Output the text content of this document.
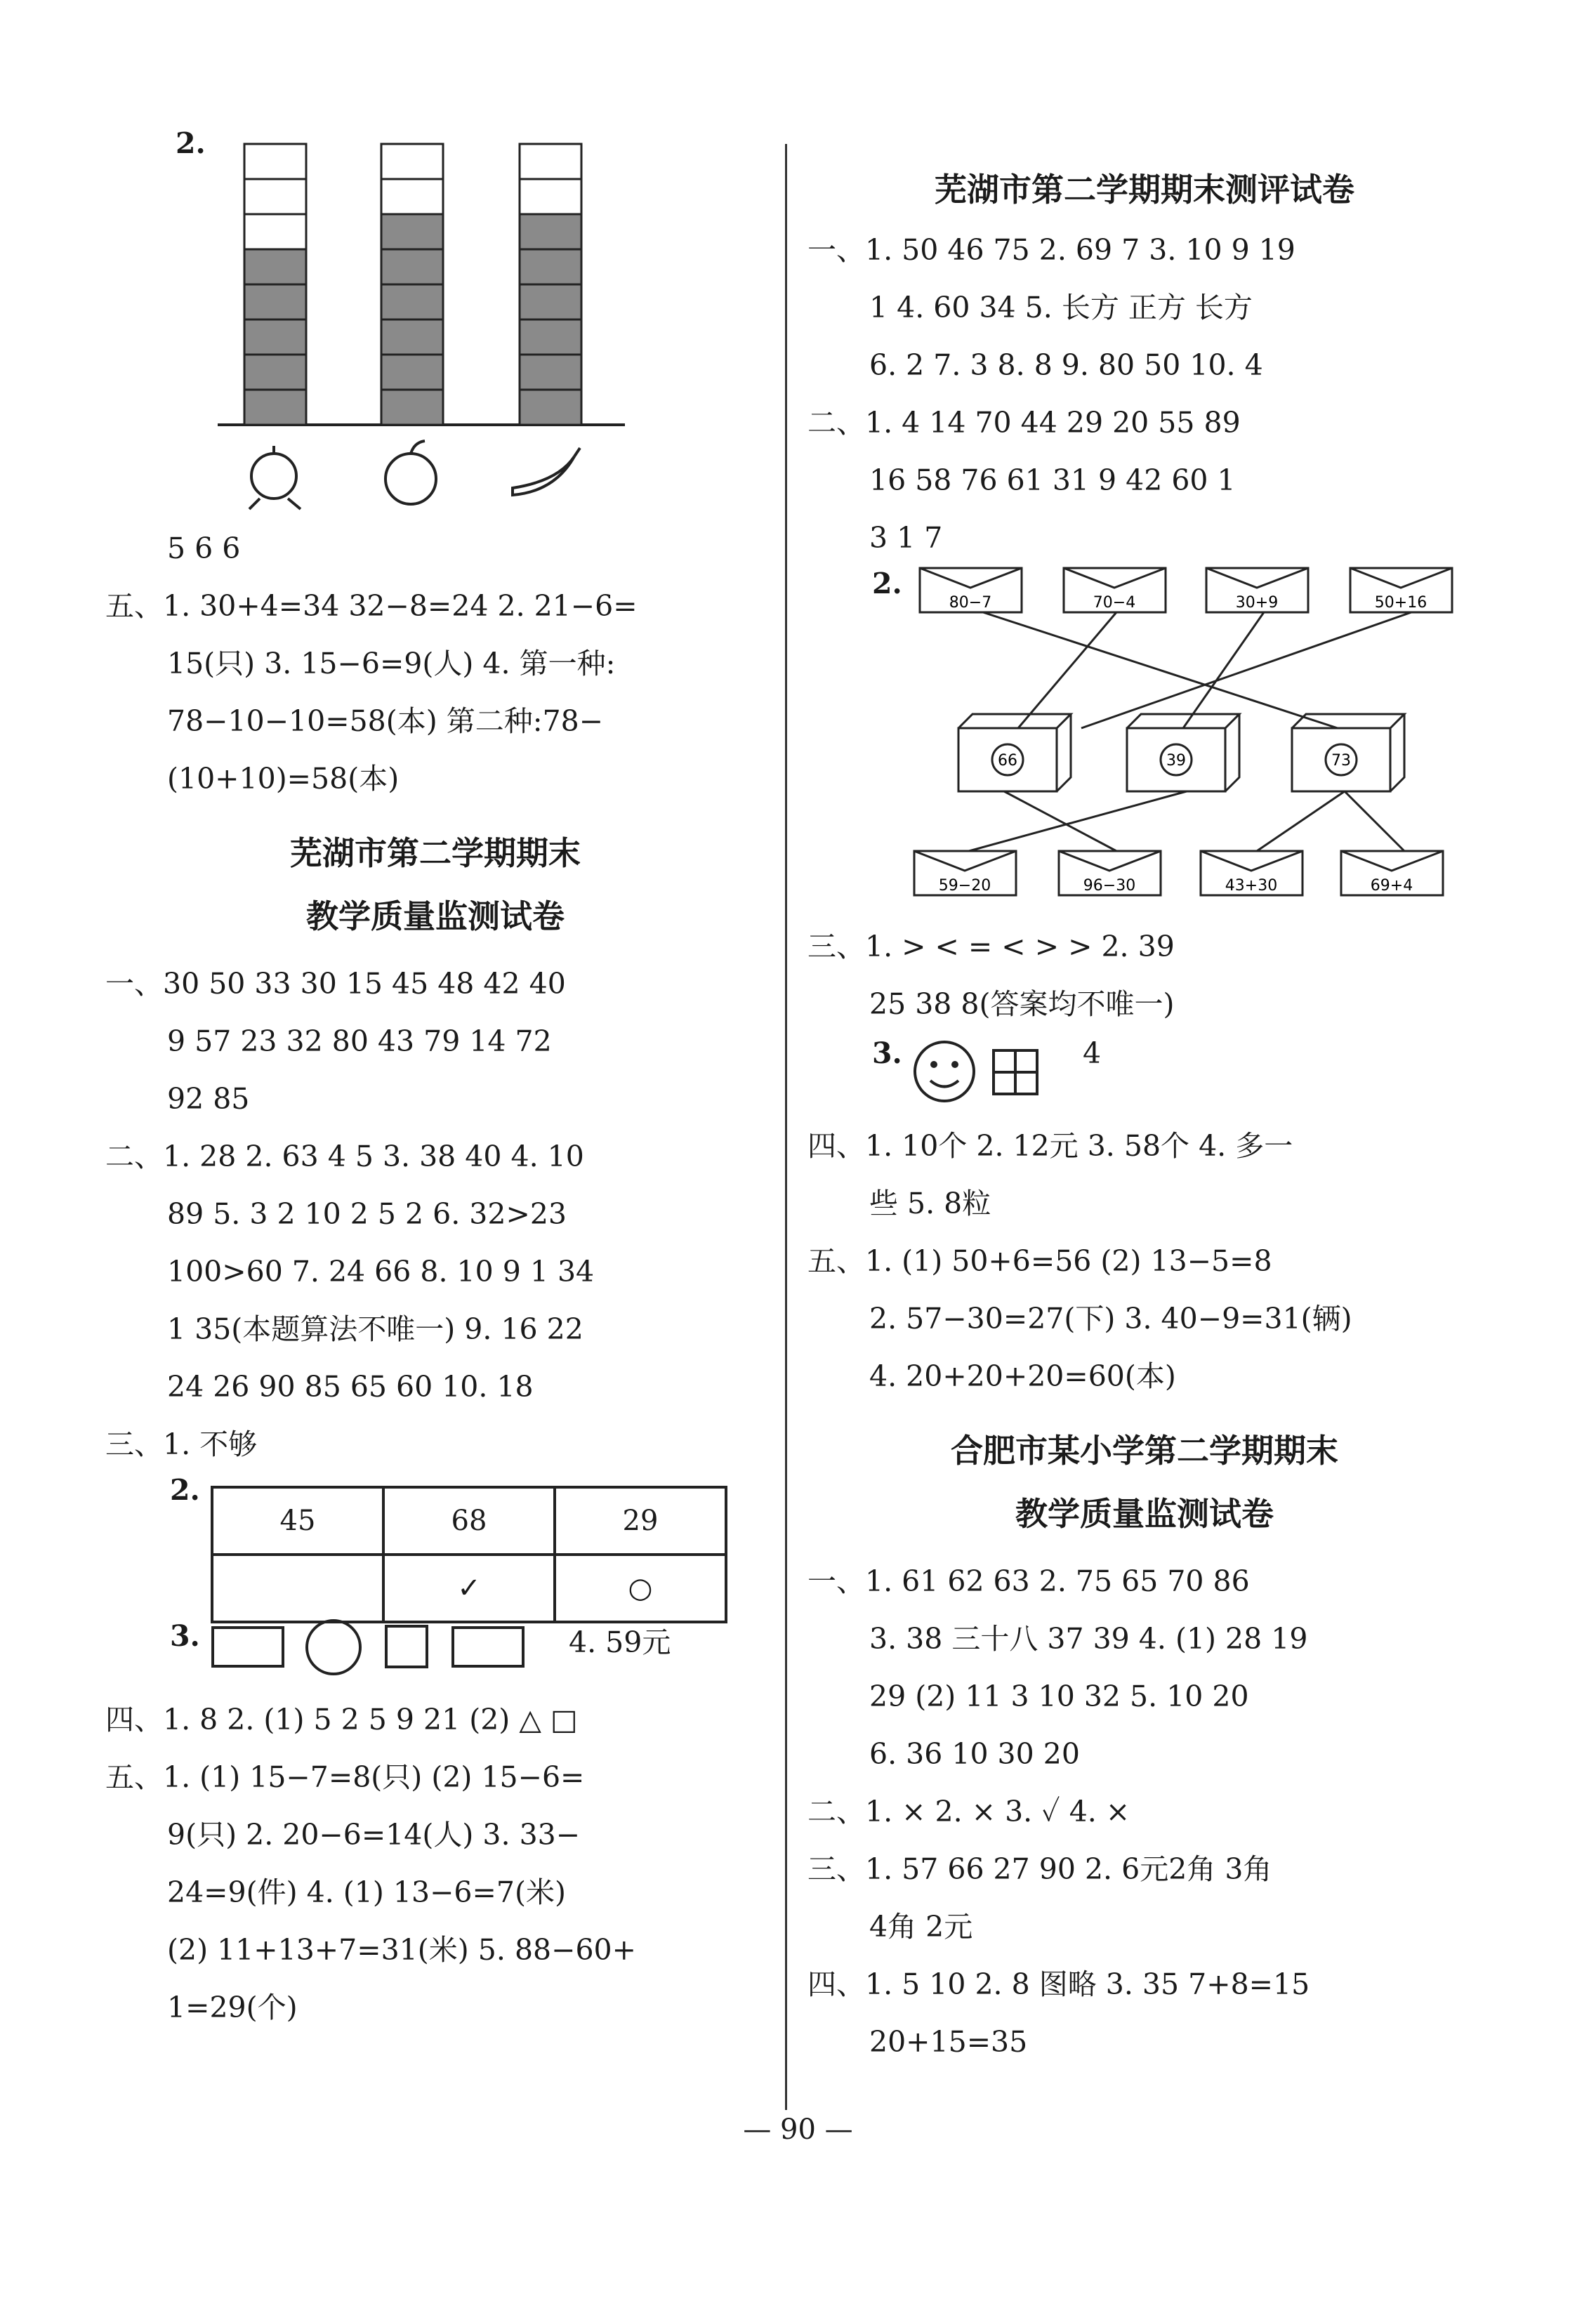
2.
5 6 6
五、1. 30+4=34 32−8=24 2. 21−6=
15(只) 3. 15−6=9(人) 4. 第一种:
78−10−10=58(本) 第二种:78−
(10+10)=58(本)
芜湖市第二学期期末
教学质量监测试卷
一、30 50 33 30 15 45 48 42 40
9 57 23 32 80 43 79 14 72
92 85
二、1. 28 2. 63 4 5 3. 38 40 4. 10
89 5. 3 2 10 2 5 2 6. 32>23
100>60 7. 24 66 8. 10 9 1 34
1 35(本题算法不唯一) 9. 16 22
24 26 90 85 65 60 10. 18
三、1. 不够
2.
45	68	29
	✓	○
3.	4. 59元
四、1. 8 2. (1) 5 2 5 9 21 (2) △ □
五、1. (1) 15−7=8(只) (2) 15−6=
9(只) 2. 20−6=14(人) 3. 33−
24=9(件) 4. (1) 13−6=7(米)
(2) 11+13+7=31(米) 5. 88−60+
1=29(个)
芜湖市第二学期期末测评试卷
一、1. 50 46 75 2. 69 7 3. 10 9 19
1 4. 60 34 5. 长方 正方 长方
6. 2 7. 3 8. 8 9. 80 50 10. 4
二、1. 4 14 70 44 29 20 55 89
16 58 76 61 31 9 42 60 1
3 1 7
2.
80−7	70−4	30+9	50+16
66	39	73
59−20	96−30	43+30	69+4
三、1. > < = < > > 2. 39
25 38 8(答案均不唯一)
3.	4
四、1. 10个 2. 12元 3. 58个 4. 多一
些 5. 8粒
五、1. (1) 50+6=56 (2) 13−5=8
2. 57−30=27(下) 3. 40−9=31(辆)
4. 20+20+20=60(本)
合肥市某小学第二学期期末
教学质量监测试卷
一、1. 61 62 63 2. 75 65 70 86
3. 38 三十八 37 39 4. (1) 28 19
29 (2) 11 3 10 32 5. 10 20
6. 36 10 30 20
二、1. × 2. × 3. ✓ 4. ×
三、1. 57 66 27 90 2. 6元2角 3角
4角 2元
四、1. 5 10 2. 8 图略 3. 35 7+8=15
20+15=35
— 90 —
